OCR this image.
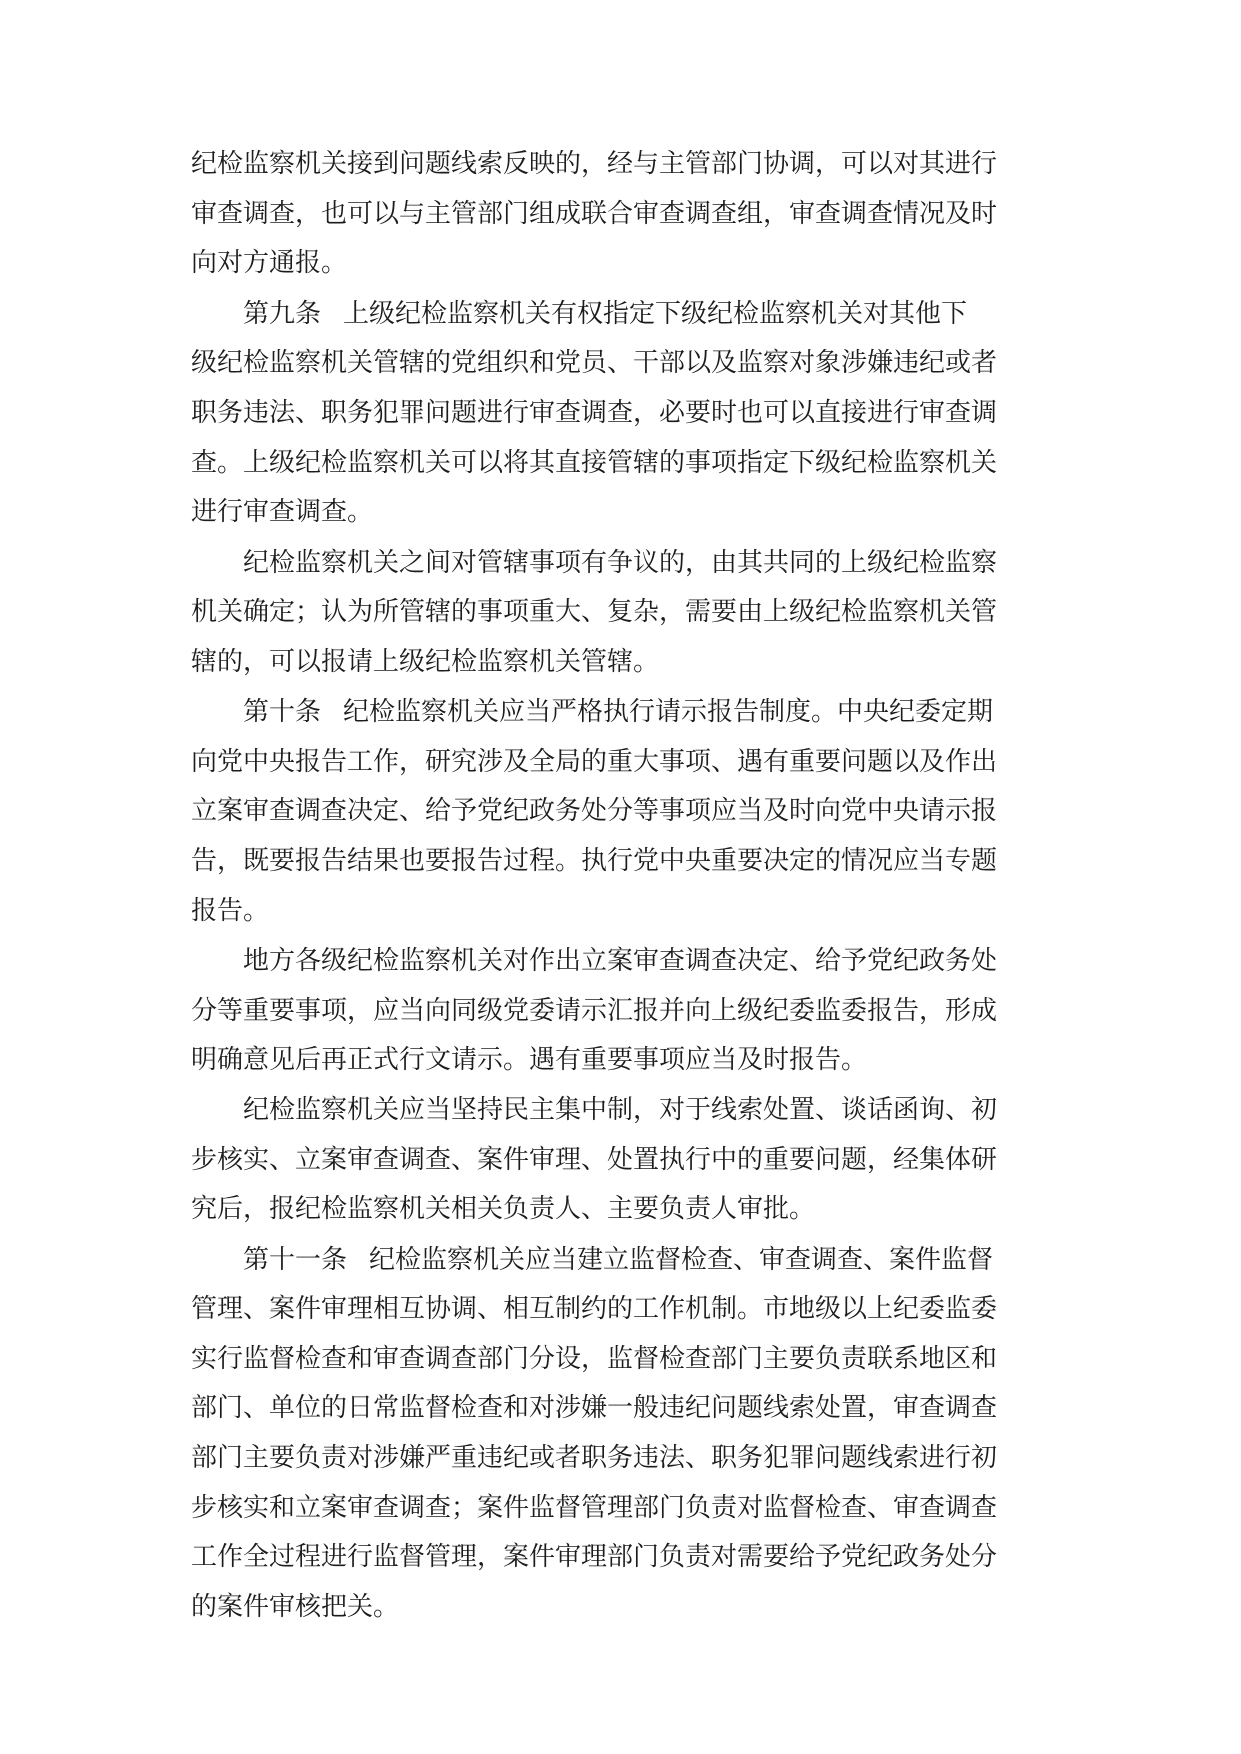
纪检监察机关接到问题线索反映的，经与主管部门协调，可以对其进行
审查调查，也可以与主管部门组成联合审查调查组，审查调查情况及时
向对方通报。
第九条 上级纪检监察机关有权指定下级纪检监察机关对其他下
级纪检监察机关管辖的党组织和党员、干部以及监察对象涉嫌违纪或者
职务违法、职务犯罪问题进行审查调查，必要时也可以直接进行审查调
查。上级纪检监察机关可以将其直接管辖的事项指定下级纪检监察机关
进行审查调查。
纪检监察机关之间对管辖事项有争议的，由其共同的上级纪检监察
机关确定；认为所管辖的事项重大、复杂，需要由上级纪检监察机关管
辖的，可以报请上级纪检监察机关管辖。
第十条 纪检监察机关应当严格执行请示报告制度。中央纪委定期
向党中央报告工作，研究涉及全局的重大事项、遇有重要问题以及作出
立案审查调查决定、给予党纪政务处分等事项应当及时向党中央请示报
告，既要报告结果也要报告过程。执行党中央重要决定的情况应当专题
报告。
地方各级纪检监察机关对作出立案审查调查决定、给予党纪政务处
分等重要事项，应当向同级党委请示汇报并向上级纪委监委报告，形成
明确意见后再正式行文请示。遇有重要事项应当及时报告。
纪检监察机关应当坚持民主集中制，对于线索处置、谈话函询、初
步核实、立案审查调查、案件审理、处置执行中的重要问题，经集体研
究后，报纪检监察机关相关负责人、主要负责人审批。
第十一条 纪检监察机关应当建立监督检查、审查调查、案件监督
管理、案件审理相互协调、相互制约的工作机制。市地级以上纪委监委
实行监督检查和审查调查部门分设，监督检查部门主要负责联系地区和
部门、单位的日常监督检查和对涉嫌一般违纪问题线索处置，审查调查
部门主要负责对涉嫌严重违纪或者职务违法、职务犯罪问题线索进行初
步核实和立案审查调查；案件监督管理部门负责对监督检查、审查调查
工作全过程进行监督管理，案件审理部门负责对需要给予党纪政务处分
的案件审核把关。
